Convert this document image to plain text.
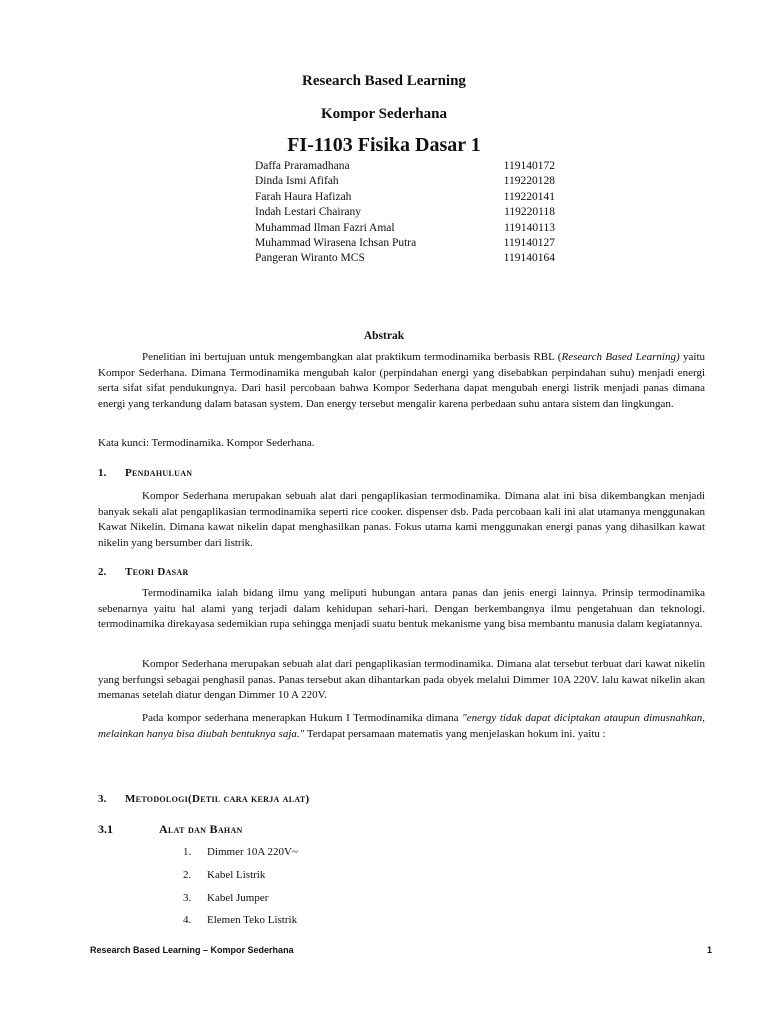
Research Based Learning
Kompor Sederhana
FI-1103 Fisika Dasar 1
Daffa Praramadhana	119140172
Dinda Ismi Afifah	119220128
Farah Haura Hafizah	119220141
Indah Lestari Chairany	119220118
Muhammad Ilman Fazri Amal	119140113
Muhammad Wirasena Ichsan Putra	119140127
Pangeran Wiranto MCS	119140164
Abstrak
Penelitian ini bertujuan untuk mengembangkan alat praktikum termodinamika berbasis RBL (Research Based Learning) yaitu Kompor Sederhana. Dimana Termodinamika mengubah kalor (perpindahan energi yang disebabkan perpindahan suhu) menjadi energi serta sifat sifat pendukungnya. Dari hasil percobaan bahwa Kompor Sederhana dapat mengubah energi listrik menjadi panas dimana energi yang terkandung dalam batasan system. Dan energy tersebut mengalir karena perbedaan suhu antara sistem dan lingkungan.
Kata kunci: Termodinamika. Kompor Sederhana.
1.	Pendahuluan
Kompor Sederhana merupakan sebuah alat dari pengaplikasian termodinamika. Dimana alat ini bisa dikembangkan menjadi banyak sekali alat pengaplikasian termodinamika seperti rice cooker. dispenser dsb. Pada percobaan kali ini alat utamanya menggunakan Kawat Nikelin. Dimana kawat nikelin dapat menghasilkan panas. Fokus utama kami menggunakan energi panas yang dihasilkan kawat nikelin yang bersumber dari listrik.
2.	Teori Dasar
Termodinamika ialah bidang ilmu yang meliputi hubungan antara panas dan jenis energi lainnya. Prinsip termodinamika sebenarnya yaitu hal alami yang terjadi dalam kehidupan sehari-hari. Dengan berkembangnya ilmu pengetahuan dan teknologi. termodinamika direkayasa sedemikian rupa sehingga menjadi suatu bentuk mekanisme yang bisa membantu manusia dalam kegiatannya.
Kompor Sederhana merupakan sebuah alat dari pengaplikasian termodinamika. Dimana alat tersebut terbuat dari kawat nikelin yang berfungsi sebagai penghasil panas. Panas tersebut akan dihantarkan pada obyek melalui Dimmer 10A 220V. lalu kawat nikelin akan memanas setelah diatur dengan Dimmer 10 A 220V.
Pada kompor sederhana menerapkan Hukum I Termodinamika dimana "energy tidak dapat diciptakan ataupun dimusnahkan, melainkan hanya bisa diubah bentuknya saja." Terdapat persamaan matematis yang menjelaskan hokum ini. yaitu :
3.	Metodologi(Detil cara kerja alat)
3.1	Alat dan Bahan
1.	Dimmer 10A 220V~
2.	Kabel Listrik
3.	Kabel Jumper
4.	Elemen Teko Listrik
Research Based Learning – Kompor Sederhana	1
